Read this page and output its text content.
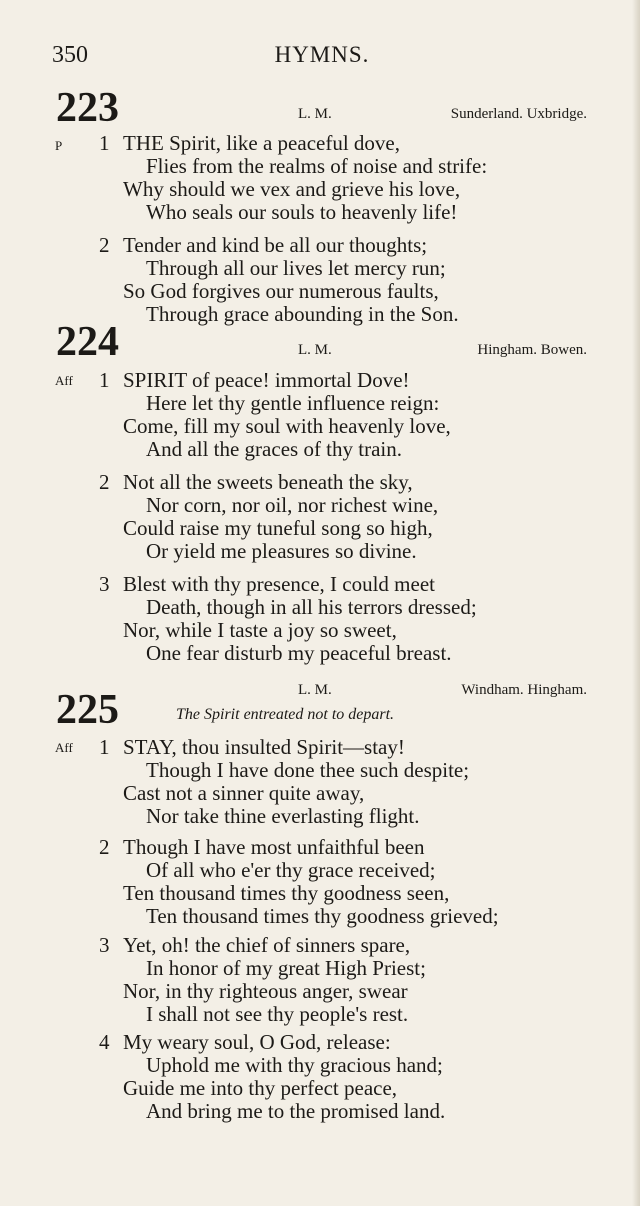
350	HYMNS.
223	L. M.	Sunderland. Uxbridge.
P 1 THE Spirit, like a peaceful dove,
Flies from the realms of noise and strife:
Why should we vex and grieve his love,
Who seals our souls to heavenly life!
2 Tender and kind be all our thoughts;
Through all our lives let mercy run;
So God forgives our numerous faults,
Through grace abounding in the Son.
224	L. M.	Hingham. Bowen.
Aff 1 SPIRIT of peace! immortal Dove!
Here let thy gentle influence reign:
Come, fill my soul with heavenly love,
And all the graces of thy train.
2 Not all the sweets beneath the sky,
Nor corn, nor oil, nor richest wine,
Could raise my tuneful song so high,
Or yield me pleasures so divine.
3 Blest with thy presence, I could meet
Death, though in all his terrors dressed;
Nor, while I taste a joy so sweet,
One fear disturb my peaceful breast.
225	L. M.	Windham. Hingham.
The Spirit entreated not to depart.
Aff 1 STAY, thou insulted Spirit—stay!
Though I have done thee such despite;
Cast not a sinner quite away,
Nor take thine everlasting flight.
2 Though I have most unfaithful been
Of all who e'er thy grace received;
Ten thousand times thy goodness seen,
Ten thousand times thy goodness grieved;
3 Yet, oh! the chief of sinners spare,
In honor of my great High Priest;
Nor, in thy righteous anger, swear
I shall not see thy people's rest.
4 My weary soul, O God, release:
Uphold me with thy gracious hand;
Guide me into thy perfect peace,
And bring me to the promised land.
